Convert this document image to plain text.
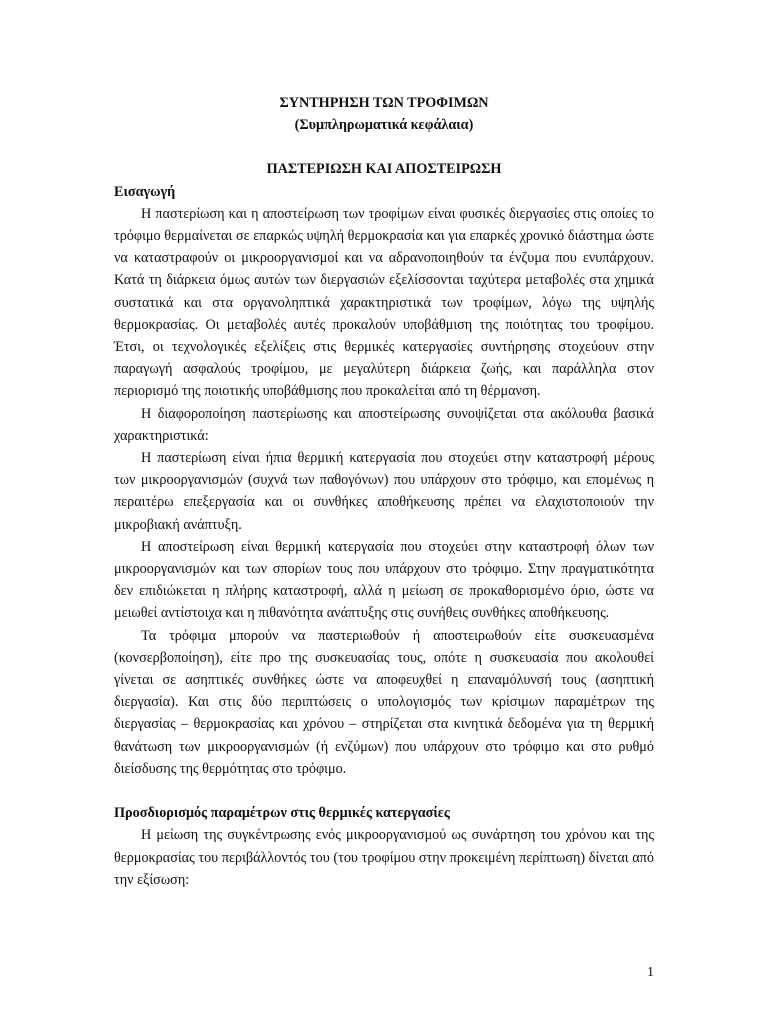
ΣΥΝΤΗΡΗΣΗ ΤΩΝ ΤΡΟΦΙΜΩΝ

(Συμπληρωματικά κεφάλαια)

ΠΑΣΤΕΡΙΩΣΗ ΚΑΙ ΑΠΟΣΤΕΙΡΩΣΗ

Εισαγωγή

Η παστερίωση και η αποστείρωση των τροφίμων είναι φυσικές διεργασίες στις οποίες το τρόφιμο θερμαίνεται σε επαρκώς υψηλή θερμοκρασία και για επαρκές χρονικό διάστημα ώστε να καταστραφούν οι μικροοργανισμοί και να αδρανοποιηθούν τα ένζυμα που ενυπάρχουν. Κατά τη διάρκεια όμως αυτών των διεργασιών εξελίσσονται ταχύτερα μεταβολές στα χημικά συστατικά και στα οργανοληπτικά χαρακτηριστικά των τροφίμων, λόγω της υψηλής θερμοκρασίας. Οι μεταβολές αυτές προκαλούν υποβάθμιση της ποιότητας του τροφίμου. Έτσι, οι τεχνολογικές εξελίξεις στις θερμικές κατεργασίες συντήρησης στοχεύουν στην παραγωγή ασφαλούς τροφίμου, με μεγαλύτερη διάρκεια ζωής, και παράλληλα στον περιορισμό της ποιοτικής υποβάθμισης που προκαλείται από τη θέρμανση.

Η διαφοροποίηση παστερίωσης και αποστείρωσης συνοψίζεται στα ακόλουθα βασικά χαρακτηριστικά:

Η παστερίωση είναι ήπια θερμική κατεργασία που στοχεύει στην καταστροφή μέρους των μικροοργανισμών (συχνά των παθογόνων) που υπάρχουν στο τρόφιμο, και επομένως η περαιτέρω επεξεργασία και οι συνθήκες αποθήκευσης πρέπει να ελαχιστοποιούν την μικροβιακή ανάπτυξη.

Η αποστείρωση είναι θερμική κατεργασία που στοχεύει στην καταστροφή όλων των μικροοργανισμών και των σπορίων τους που υπάρχουν στο τρόφιμο. Στην πραγματικότητα δεν επιδιώκεται η πλήρης καταστροφή, αλλά η μείωση σε προκαθορισμένο όριο, ώστε να μειωθεί αντίστοιχα και η πιθανότητα ανάπτυξης στις συνήθεις συνθήκες αποθήκευσης.

Τα τρόφιμα μπορούν να παστεριωθούν ή αποστειρωθούν είτε συσκευασμένα (κονσερβοποίηση), είτε προ της συσκευασίας τους, οπότε η συσκευασία που ακολουθεί γίνεται σε ασηπτικές συνθήκες ώστε να αποφευχθεί η επαναμόλυνσή τους (ασηπτική διεργασία). Και στις δύο περιπτώσεις ο υπολογισμός των κρίσιμων παραμέτρων της διεργασίας – θερμοκρασίας και χρόνου – στηρίζεται στα κινητικά δεδομένα για τη θερμική θανάτωση των μικροοργανισμών (ή ενζύμων) που υπάρχουν στο τρόφιμο και στο ρυθμό διείσδυσης της θερμότητας στο τρόφιμο.

Προσδιορισμός παραμέτρων στις θερμικές κατεργασίες

Η μείωση της συγκέντρωσης ενός μικροοργανισμού ως συνάρτηση του χρόνου και της θερμοκρασίας του περιβάλλοντός του (του τροφίμου στην προκειμένη περίπτωση) δίνεται από την εξίσωση:

1
